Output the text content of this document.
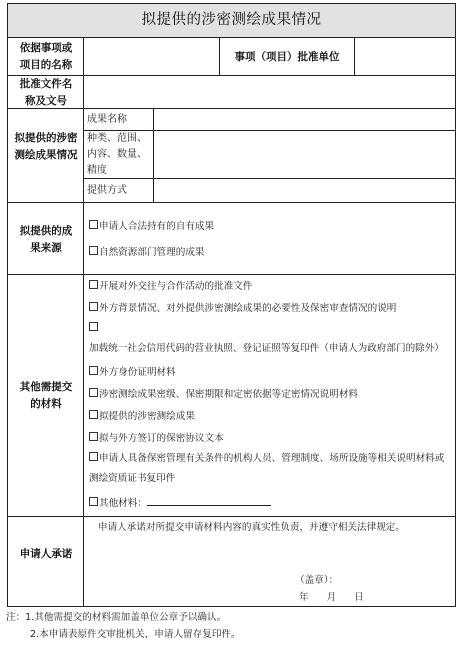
拟提供的涉密测绘成果情况
依据事项或项目的名称
事项（项目）批准单位
批准文件名称及文号
拟提供的涉密测绘成果情况
成果名称
种类、范围、
内容、数量、
精度
提供方式
拟提供的成果来源
申请人合法持有的自有成果
自然资源部门管理的成果
其他需提交的材料
开展对外交往与合作活动的批准文件
外方背景情况、对外提供涉密测绘成果的必要性及保密审查情况的说明
加载统一社会信用代码的营业执照、登记证照等复印件（申请人为政府部门的除外）
外方身份证明材料
涉密测绘成果密级、保密期限和定密依据等定密情况说明材料
拟提供的涉密测绘成果
拟与外方签订的保密协议文本
申请人具备保密管理有关条件的机构人员、管理制度、场所设施等相关说明材料或测绘资质证书复印件
其他材料：
申请人承诺
申请人承诺对所提交申请材料内容的真实性负责，并遵守相关法律规定。
（盖章）：
年 月 日
注：1.其他需提交的材料需加盖单位公章予以确认。
2.本申请表原件交审批机关，申请人留存复印件。
